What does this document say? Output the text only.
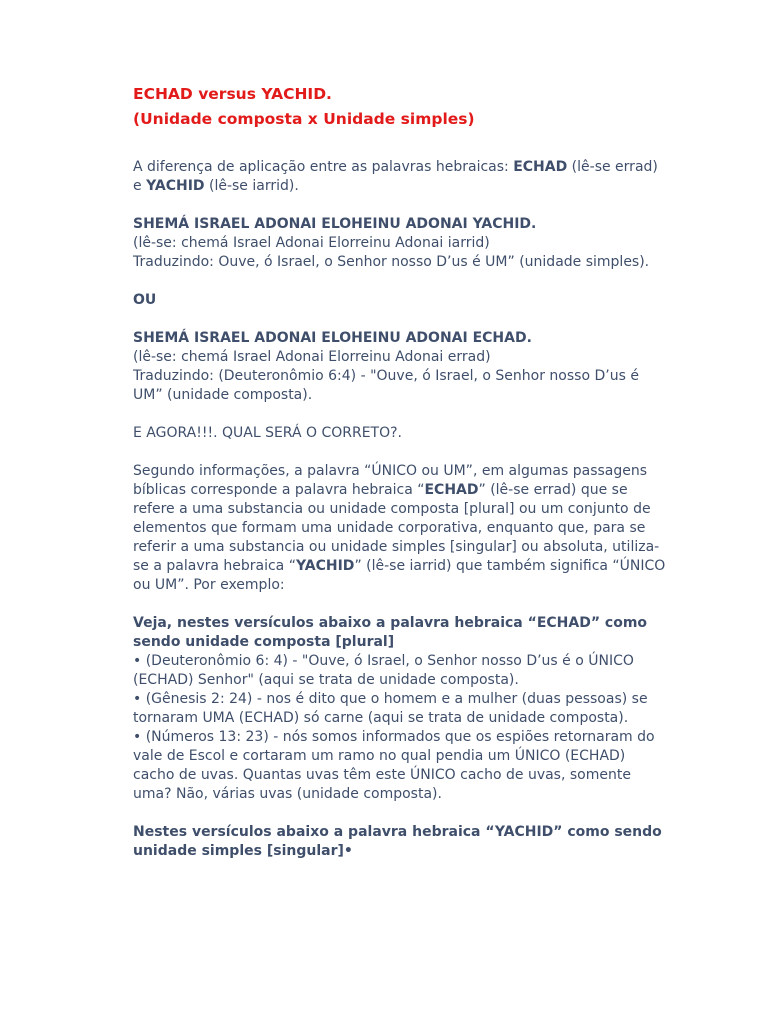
ECHAD versus YACHID.

(Unidade composta x Unidade simples)

A diferença de aplicação entre as palavras hebraicas: ECHAD (lê-se errad) e YACHID (lê-se iarrid).

SHEMÁ ISRAEL ADONAI ELOHEINU ADONAI YACHID.

(lê-se: chemá Israel Adonai Elorreinu Adonai iarrid)

Traduzindo: Ouve, ó Israel, o Senhor nosso D’us é UM” (unidade simples).

OU

SHEMÁ ISRAEL ADONAI ELOHEINU ADONAI ECHAD.

(lê-se: chemá Israel Adonai Elorreinu Adonai errad)

Traduzindo: (Deuteronômio 6:4) - "Ouve, ó Israel, o Senhor nosso D’us é UM” (unidade composta).

E AGORA!!!. QUAL SERÁ O CORRETO?.

Segundo informações, a palavra “ÚNICO ou UM”, em algumas passagens bíblicas corresponde a palavra hebraica “ECHAD” (lê-se errad) que se refere a uma substancia ou unidade composta [plural] ou um conjunto de elementos que formam uma unidade corporativa, enquanto que, para se referir a uma substancia ou unidade simples [singular] ou absoluta, utiliza-se a palavra hebraica “YACHID” (lê-se iarrid) que também significa “ÚNICO ou UM”. Por exemplo:

Veja, nestes versículos abaixo a palavra hebraica “ECHAD” como sendo unidade composta [plural]

• (Deuteronômio 6: 4) - "Ouve, ó Israel, o Senhor nosso D’us é o ÚNICO (ECHAD) Senhor" (aqui se trata de unidade composta).

• (Gênesis 2: 24) - nos é dito que o homem e a mulher (duas pessoas) se tornaram UMA (ECHAD) só carne (aqui se trata de unidade composta).

• (Números 13: 23) - nós somos informados que os espiões retornaram do vale de Escol e cortaram um ramo no qual pendia um ÚNICO (ECHAD) cacho de uvas. Quantas uvas têm este ÚNICO cacho de uvas, somente uma? Não, várias uvas (unidade composta).

Nestes versículos abaixo a palavra hebraica “YACHID” como sendo unidade simples [singular]•
